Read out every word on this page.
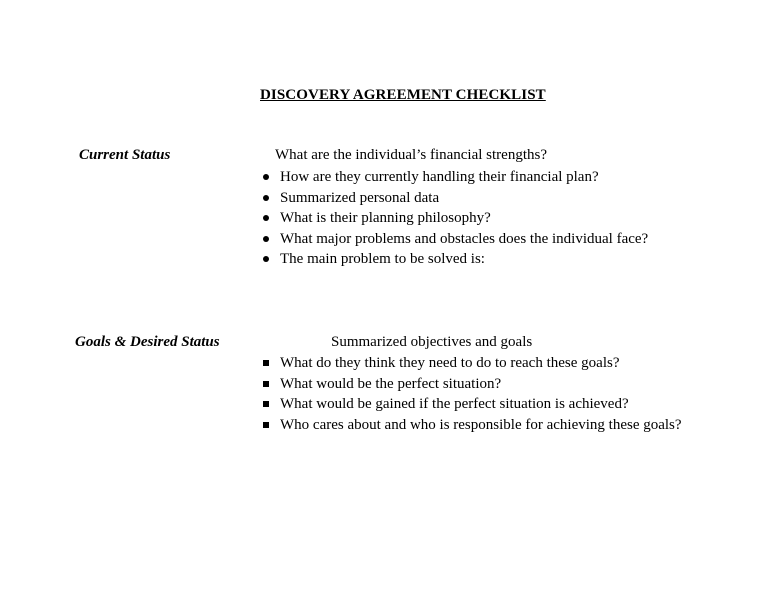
DISCOVERY AGREEMENT CHECKLIST
Current Status	What are the individual’s financial strengths?
How are they currently handling their financial plan?
Summarized personal data
What is their planning philosophy?
What major problems and obstacles does the individual face?
The main problem to be solved is:
Goals & Desired Status	Summarized objectives and goals
What do they think they need to do to reach these goals?
What would be the perfect situation?
What would be gained if the perfect situation is achieved?
Who cares about and who is responsible for achieving these goals?
